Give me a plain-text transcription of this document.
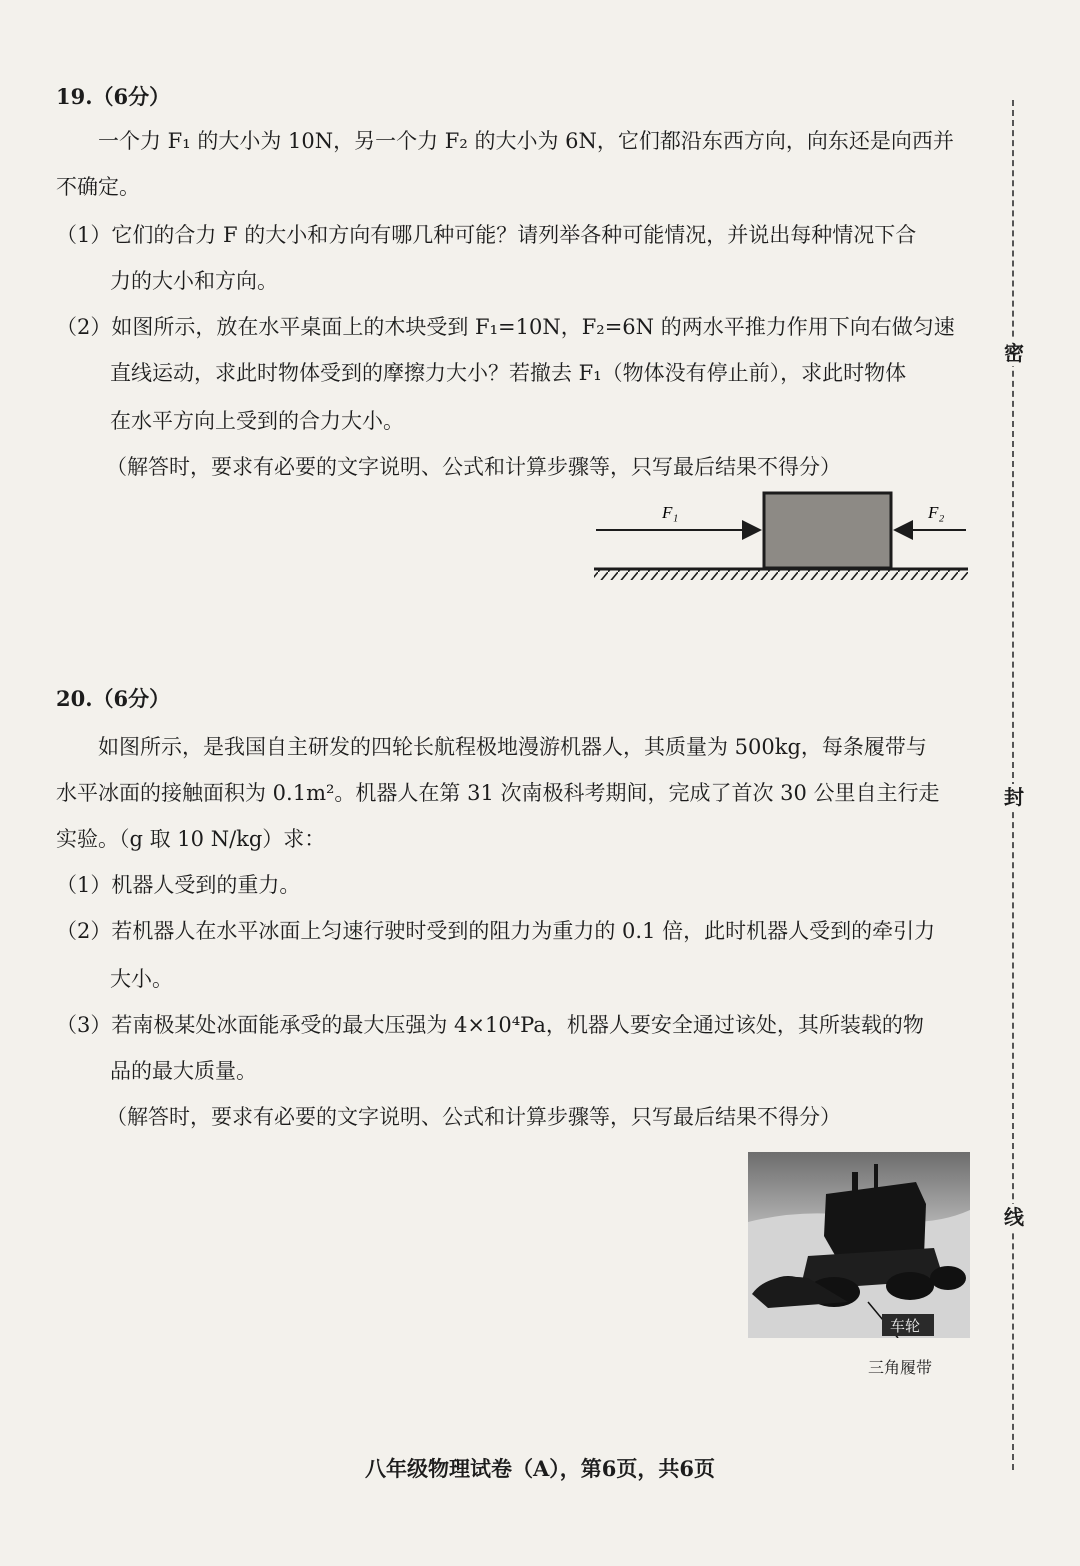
19.（6分）

一个力 F₁ 的大小为 10N，另一个力 F₂ 的大小为 6N，它们都沿东西方向，向东还是向西并

不确定。

（1）它们的合力 F 的大小和方向有哪几种可能？请列举各种可能情况，并说出每种情况下合

力的大小和方向。

（2）如图所示，放在水平桌面上的木块受到 F₁=10N，F₂=6N 的两水平推力作用下向右做匀速

直线运动，求此时物体受到的摩擦力大小？若撤去 F₁（物体没有停止前），求此时物体

在水平方向上受到的合力大小。

（解答时，要求有必要的文字说明、公式和计算步骤等，只写最后结果不得分）

F₁	F₂

20.（6分）

如图所示，是我国自主研发的四轮长航程极地漫游机器人，其质量为 500kg，每条履带与

水平冰面的接触面积为 0.1m²。机器人在第 31 次南极科考期间，完成了首次 30 公里自主行走

实验。（g 取 10 N/kg）求：

（1）机器人受到的重力。

（2）若机器人在水平冰面上匀速行驶时受到的阻力为重力的 0.1 倍，此时机器人受到的牵引力

大小。

（3）若南极某处冰面能承受的最大压强为 4×10⁴Pa，机器人要安全通过该处，其所装载的物

品的最大质量。

（解答时，要求有必要的文字说明、公式和计算步骤等，只写最后结果不得分）

车轮

三角履带

密
封
线
八年级物理试卷（A），第6页，共6页
